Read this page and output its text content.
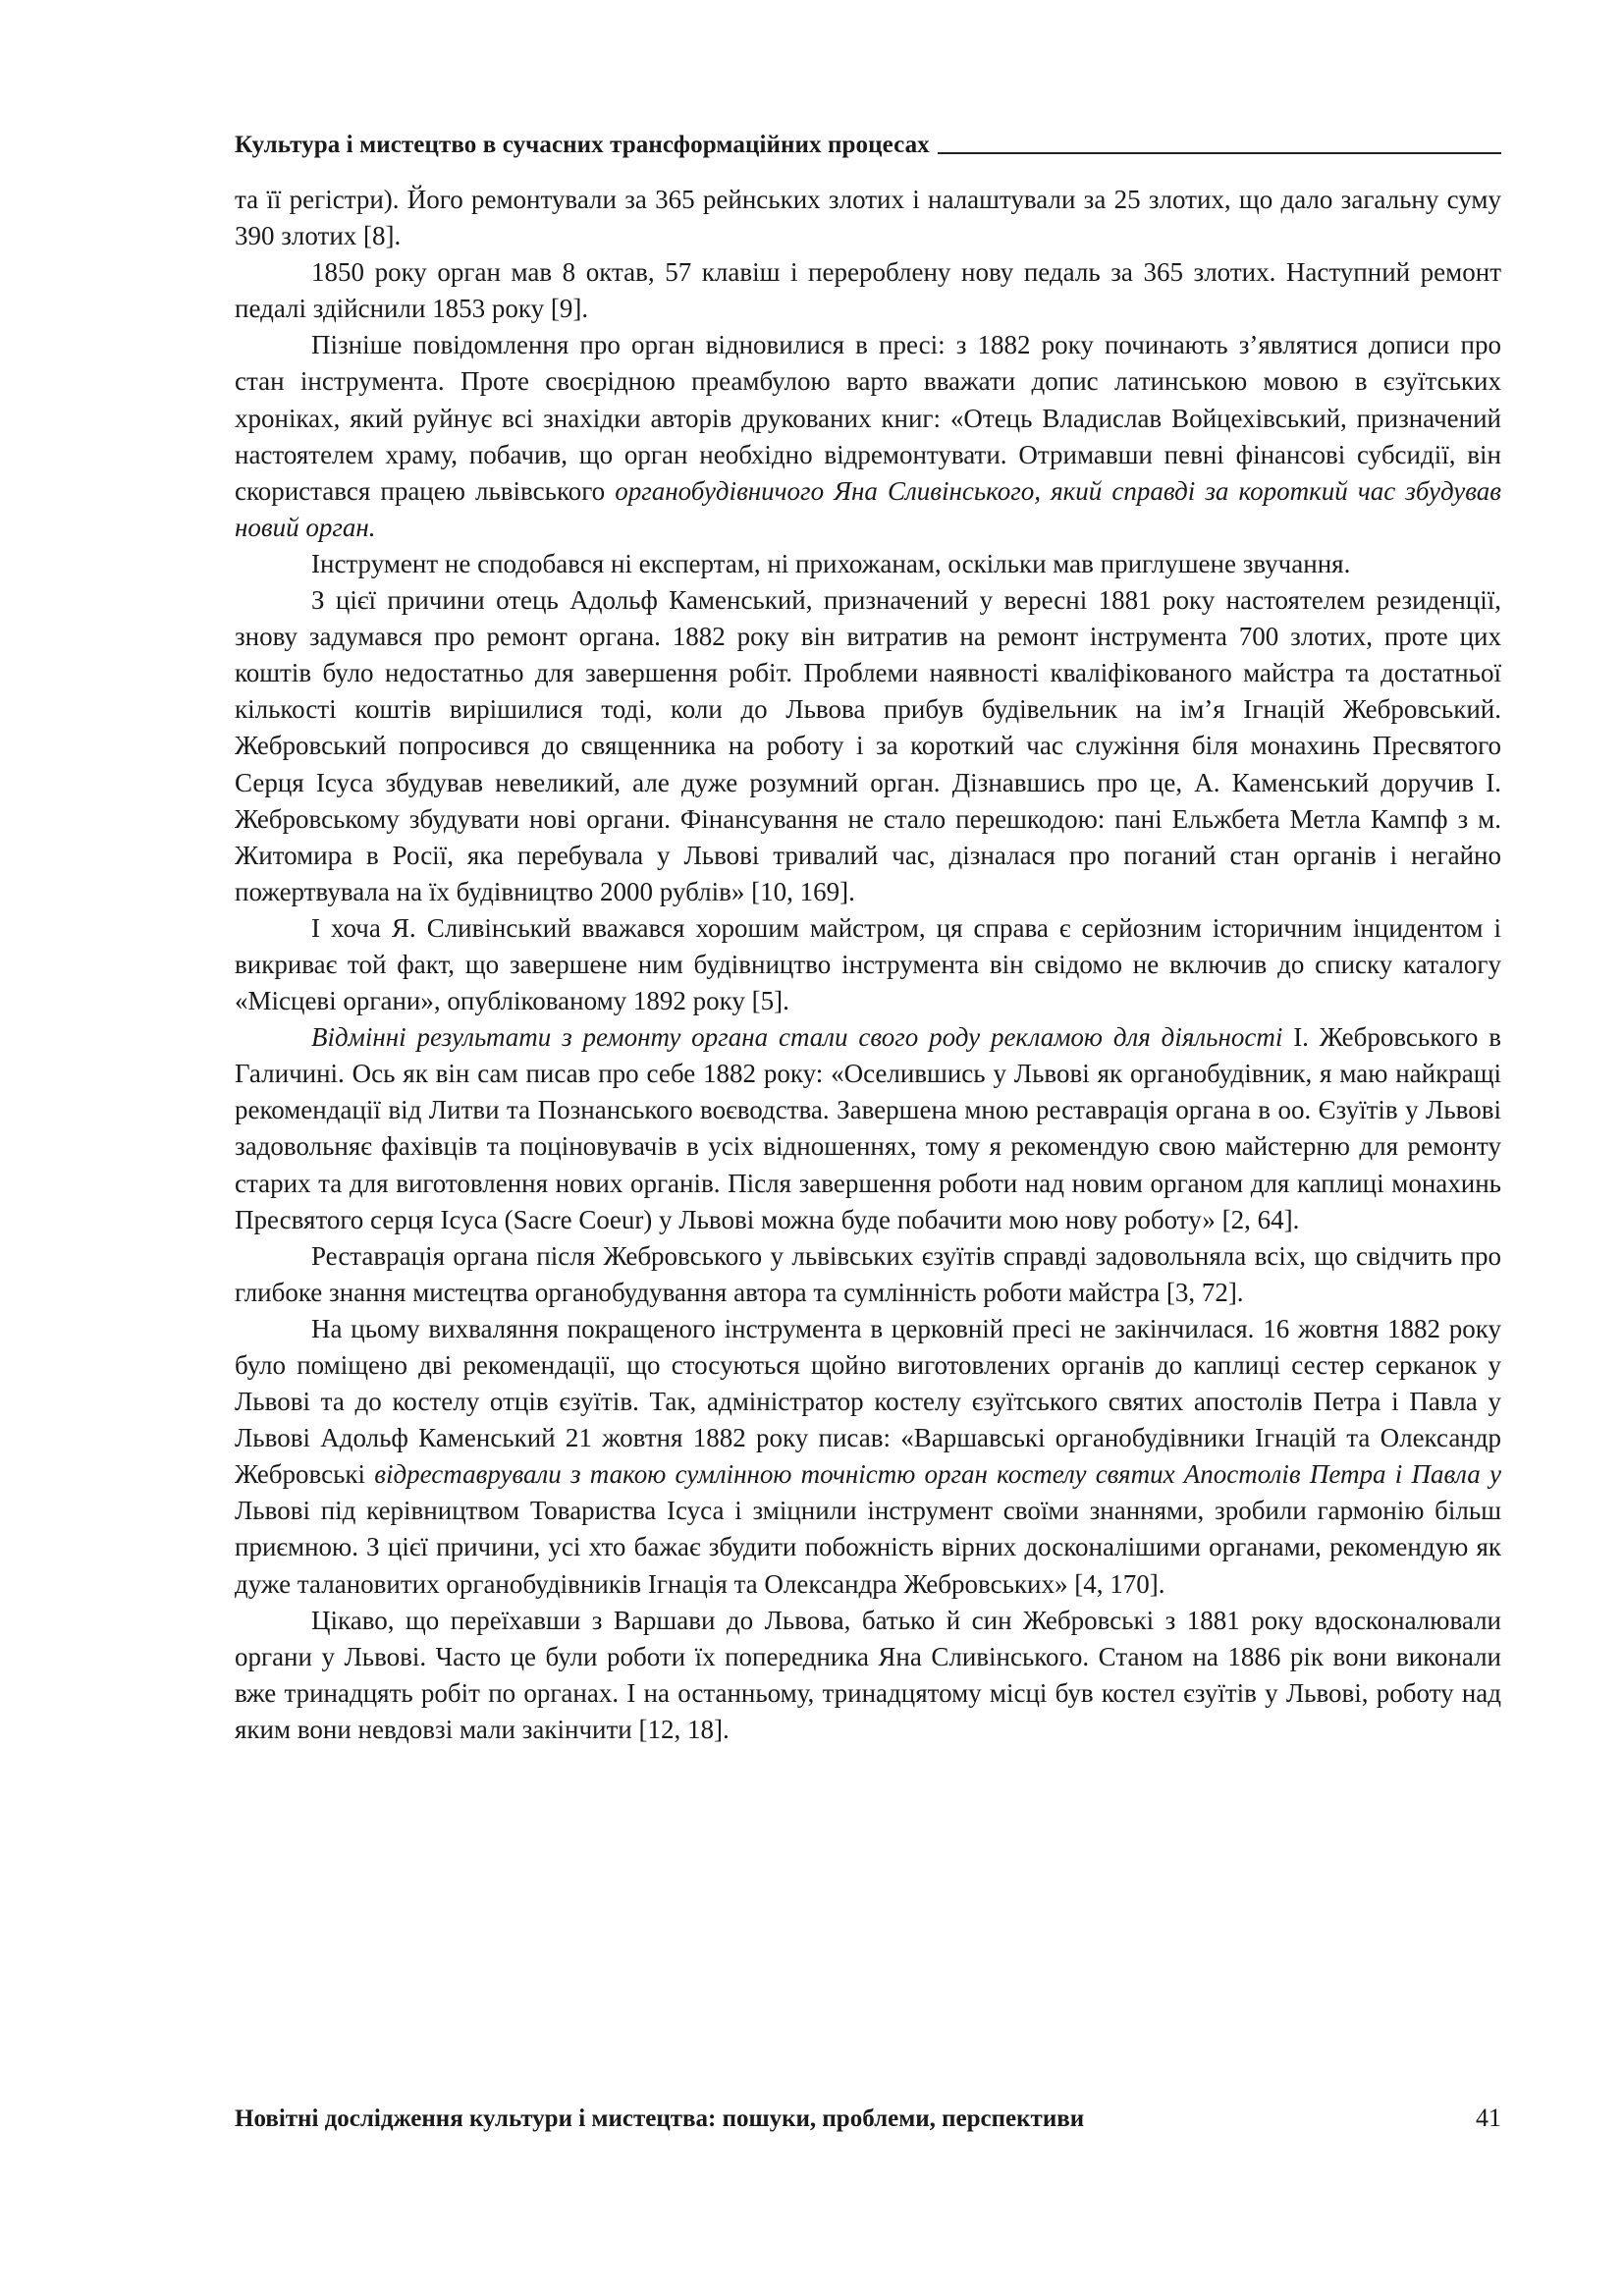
Культура і мистецтво в сучасних трансформаційних процесах

та її регістри). Його ремонтували за 365 рейнських злотих і налаштували за 25 злотих, що дало загальну суму 390 злотих [8].

1850 року орган мав 8 октав, 57 клавіш і перероблену нову педаль за 365 злотих. Наступний ремонт педалі здійснили 1853 року [9].

Пізніше повідомлення про орган відновилися в пресі: з 1882 року починають з’являтися дописи про стан інструмента. Проте своєрідною преамбулою варто вважати допис латинською мовою в єзуїтських хроніках, який руйнує всі знахідки авторів друкованих книг: «Отець Владислав Войцехівський, призначений настоятелем храму, побачив, що орган необхідно відремонтувати. Отримавши певні фінансові субсидії, він скористався працею львівського органобудівничого Яна Сливінського, який справді за короткий час збудував новий орган.

Інструмент не сподобався ні експертам, ні прихожанам, оскільки мав приглушене звучання.

З цієї причини отець Адольф Каменський, призначений у вересні 1881 року настоятелем резиденції, знову задумався про ремонт органа. 1882 року він витратив на ремонт інструмента 700 злотих, проте цих коштів було недостатньо для завершення робіт. Проблеми наявності кваліфікованого майстра та достатньої кількості коштів вирішилися тоді, коли до Львова прибув будівельник на ім’я Ігнацій Жебровський. Жебровський попросився до священника на роботу і за короткий час служіння біля монахинь Пресвятого Серця Ісуса збудував невеликий, але дуже розумний орган. Дізнавшись про це, А. Каменський доручив І. Жебровському збудувати нові органи. Фінансування не стало перешкодою: пані Ельжбета Метла Кампф з м. Житомира в Росії, яка перебувала у Львові тривалий час, дізналася про поганий стан органів і негайно пожертвувала на їх будівництво 2000 рублів» [10, 169].

І хоча Я. Сливінський вважався хорошим майстром, ця справа є серйозним історичним інцидентом і викриває той факт, що завершене ним будівництво інструмента він свідомо не включив до списку каталогу «Місцеві органи», опублікованому 1892 року [5].

Відмінні результати з ремонту органа стали свого роду рекламою для діяльності І. Жебровського в Галичині. Ось як він сам писав про себе 1882 року: «Оселившись у Львові як органобудівник, я маю найкращі рекомендації від Литви та Познанського воєводства. Завершена мною реставрація органа в оо. Єзуїтів у Львові задовольняє фахівців та поціновувачів в усіх відношеннях, тому я рекомендую свою майстерню для ремонту старих та для виготовлення нових органів. Після завершення роботи над новим органом для каплиці монахинь Пресвятого серця Ісуса (Sacre Coeur) у Львові можна буде побачити мою нову роботу» [2, 64].

Реставрація органа після Жебровського у львівських єзуїтів справді задовольняла всіх, що свідчить про глибоке знання мистецтва органобудування автора та сумлінність роботи майстра [3, 72].

На цьому вихваляння покращеного інструмента в церковній пресі не закінчилася. 16 жовтня 1882 року було поміщено дві рекомендації, що стосуються щойно виготовлених органів до каплиці сестер серканок у Львові та до костелу отців єзуїтів. Так, адміністратор костелу єзуїтського святих апостолів Петра і Павла у Львові Адольф Каменський 21 жовтня 1882 року писав: «Варшавські органобудівники Ігнацій та Олександр Жебровські відреставрували з такою сумлінною точністю орган костелу святих Апостолів Петра і Павла у Львові під керівництвом Товариства Ісуса і зміцнили інструмент своїми знаннями, зробили гармонію більш приємною. З цієї причини, усі хто бажає збудити побожність вірних досконалішими органами, рекомендую як дуже талановитих органобудівників Ігнація та Олександра Жебровських» [4, 170].

Цікаво, що переїхавши з Варшави до Львова, батько й син Жебровські з 1881 року вдосконалювали органи у Львові. Часто це були роботи їх попередника Яна Сливінського. Станом на 1886 рік вони виконали вже тринадцять робіт по органах. І на останньому, тринадцятому місці був костел єзуїтів у Львові, роботу над яким вони невдовзі мали закінчити [12, 18].

Новітні дослідження культури і мистецтва: пошуки, проблеми, перспективи	41
